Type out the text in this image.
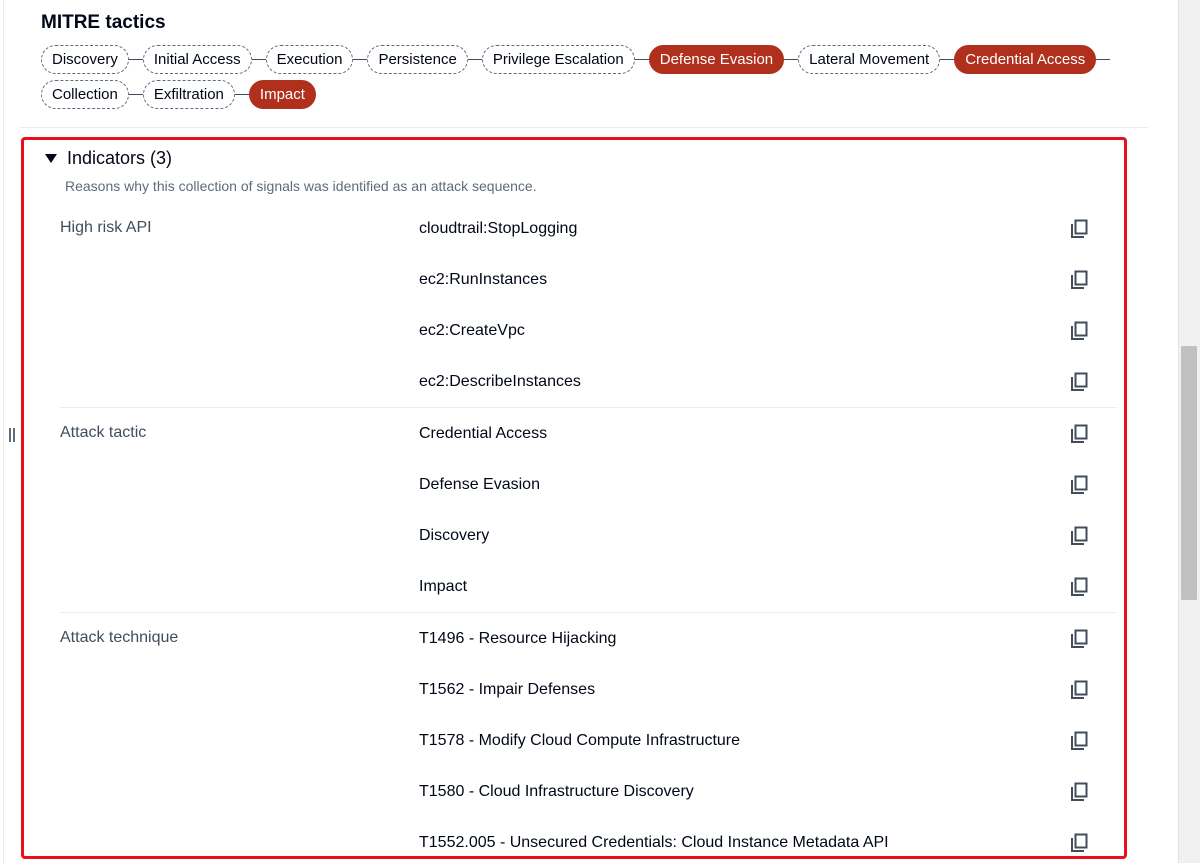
MITRE tactics
Discovery	Initial Access	Execution	Persistence	Privilege Escalation	Defense Evasion	Lateral Movement	Credential Access
Collection	Exfiltration	Impact
Indicators (3)
Reasons why this collection of signals was identified as an attack sequence.
High risk API	cloudtrail:StopLogging
ec2:RunInstances
ec2:CreateVpc
ec2:DescribeInstances
Attack tactic	Credential Access
Defense Evasion
Discovery
Impact
Attack technique	T1496 - Resource Hijacking
T1562 - Impair Defenses
T1578 - Modify Cloud Compute Infrastructure
T1580 - Cloud Infrastructure Discovery
T1552.005 - Unsecured Credentials: Cloud Instance Metadata API
